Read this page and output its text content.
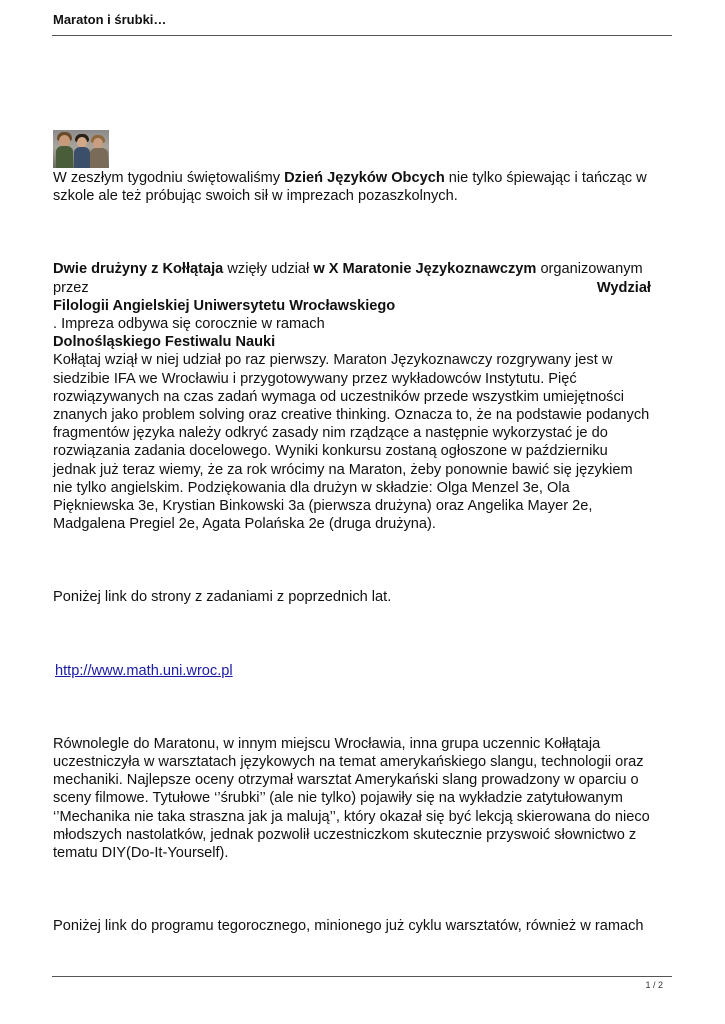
Maraton i śrubki…

W zeszłym tygodniu świętowaliśmy Dzień Języków Obcych nie tylko śpiewając i tańcząc w szkole ale też próbując swoich sił w imprezach pozaszkolnych.

Dwie drużyny z Kołłątaja wzięły udział w X Maratonie Językoznawczym organizowanym

przez	Wydział

Filologii Angielskiej Uniwersytetu Wrocławskiego

. Impreza odbywa się corocznie w ramach

Dolnośląskiego Festiwalu Nauki

Kołłątaj wziął w niej udział po raz pierwszy. Maraton Językoznawczy rozgrywany jest w siedzibie IFA we Wrocławiu i przygotowywany przez wykładowców Instytutu. Pięć rozwiązywanych na czas zadań wymaga od uczestników przede wszystkim umiejętności znanych jako problem solving oraz creative thinking. Oznacza to, że na podstawie podanych fragmentów języka należy odkryć zasady nim rządzące a następnie wykorzystać je do rozwiązania zadania docelowego. Wyniki konkursu zostaną ogłoszone w październiku jednak już teraz wiemy, że za rok wrócimy na Maraton, żeby ponownie bawić się językiem nie tylko angielskim. Podziękowania dla drużyn w składzie: Olga Menzel 3e, Ola Piękniewska 3e, Krystian Binkowski 3a (pierwsza drużyna) oraz Angelika Mayer 2e, Madgalena Pregiel 2e, Agata Polańska 2e (druga drużyna).

Poniżej link do strony z zadaniami z poprzednich lat.

http://www.math.uni.wroc.pl

Równolegle do Maratonu, w innym miejscu Wrocławia, inna grupa uczennic Kołłątaja uczestniczyła w warsztatach językowych na temat amerykańskiego slangu, technologii oraz mechaniki. Najlepsze oceny otrzymał warsztat Amerykański slang prowadzony w oparciu o sceny filmowe. Tytułowe ‘’śrubki’’ (ale nie tylko) pojawiły się na wykładzie zatytułowanym ‘’Mechanika nie taka straszna jak ja malują’’, który okazał się być lekcją skierowana do nieco młodszych nastolatków, jednak pozwolił uczestniczkom skutecznie przyswoić słownictwo z tematu DIY(Do-It-Yourself).

Poniżej link do programu tegorocznego, minionego już cyklu warsztatów, również w ramach

1 / 2
